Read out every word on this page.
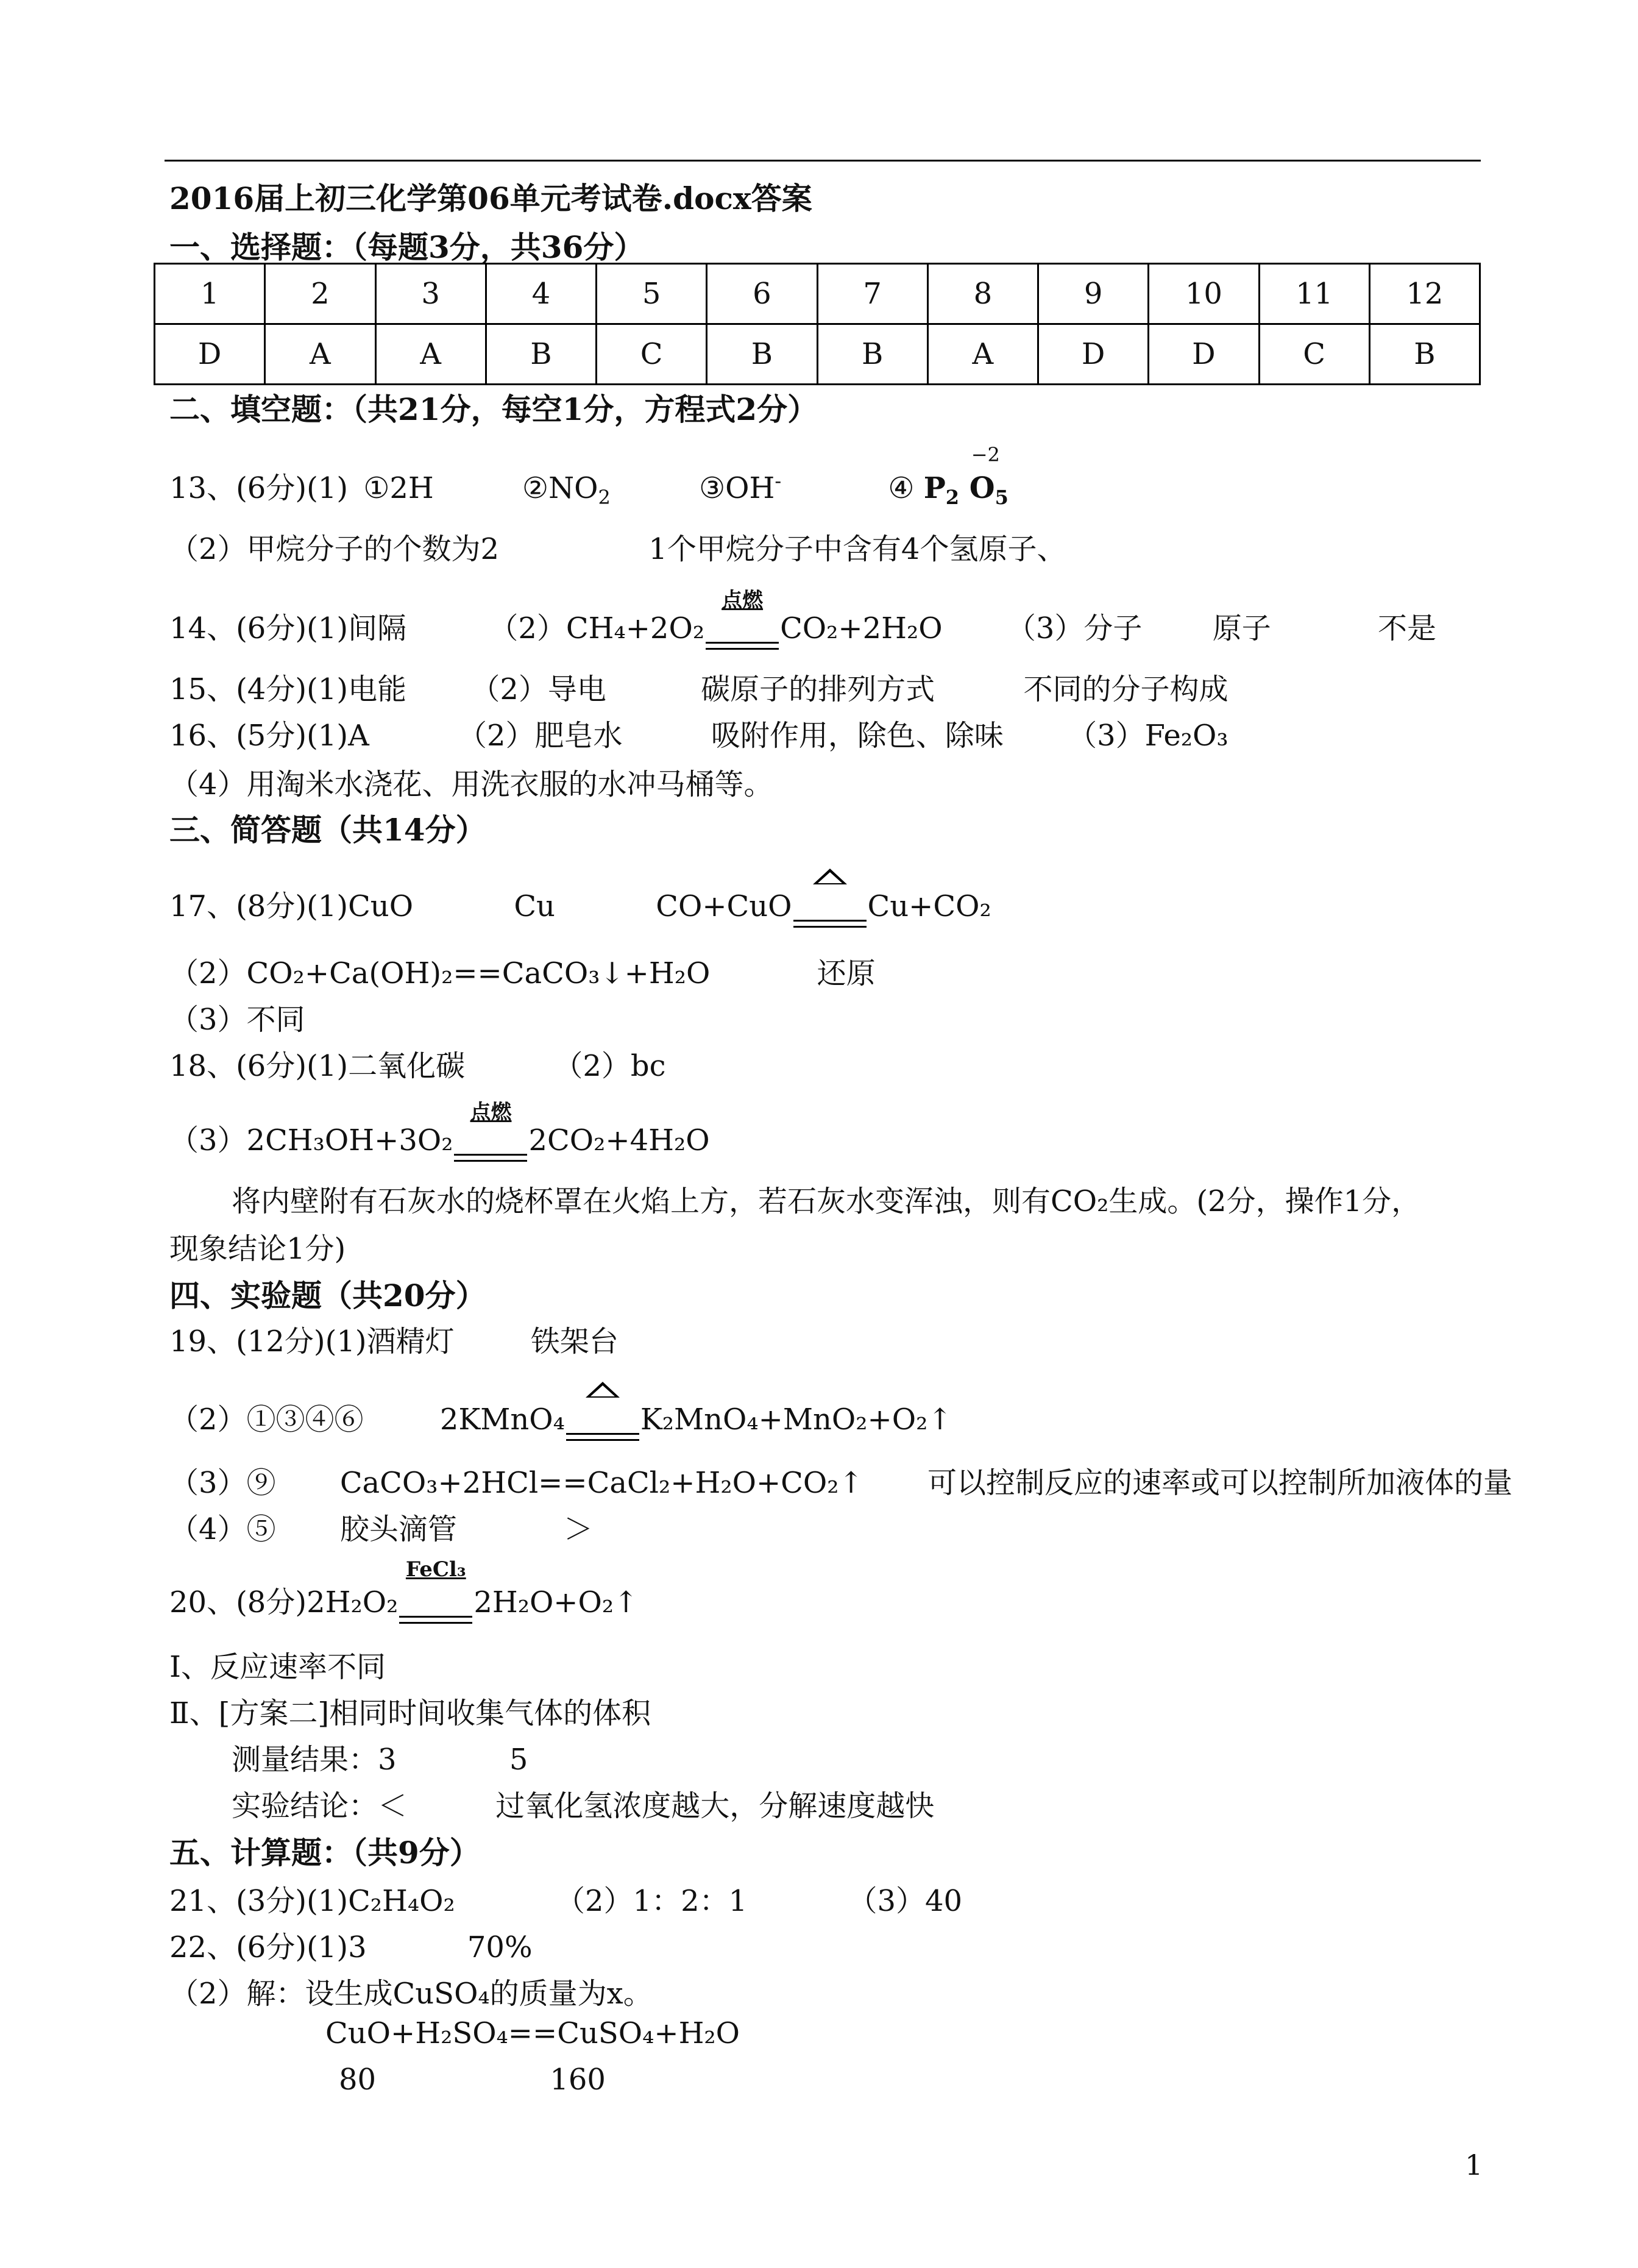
2016届上初三化学第06单元考试卷.docx答案
一、选择题：（每题3分，共36分）
1	2	3	4	5	6	7	8	9	10	11	12
D	A	A	B	C	B	B	A	D	D	C	B
二、填空题：（共21分，每空1分，方程式2分）
13、(6分)(1) ①2H	$②NO_2$	③OH-	④ $P_2$ $O_5$
−2
（2）甲烷分子的个数为2	1个甲烷分子中含有4个氢原子、
14、(6分)(1)间隔	（2）CH₄+2O₂
点燃
CO₂+2H₂O （3）分子 原子	不是
15、(4分)(1)电能 （2）导电	碳原子的排列方式	不同的分子构成
16、(5分)(1)A	（2）肥皂水	吸附作用，除色、除味 （3）Fe₂O₃
（4）用淘米水浇花、用洗衣服的水冲马桶等。
三、简答题（共14分）
17、(8分)(1)CuO	Cu	CO+CuO	Cu+CO₂
（2）CO₂+Ca(OH)₂==CaCO₃↓+H₂O	还原
（3）不同
18、(6分)(1)二氧化碳	（2）bc
（3）2CH₃OH+3O₂
点燃
2CO₂+4H₂O
将内壁附有石灰水的烧杯罩在火焰上方，若石灰水变浑浊，则有CO₂生成。(2分，操作1分，
现象结论1分)
四、实验题（共20分）
19、(12分)(1)酒精灯	铁架台
（2）①③④⑥	2KMnO₄	K₂MnO₄+MnO₂+O₂↑
（3）⑨ CaCO₃+2HCl==CaCl₂+H₂O+CO₂↑ 可以控制反应的速率或可以控制所加液体的量
（4）⑤ 胶头滴管	＞
20、(8分)2H₂O₂
FeCl₃
2H₂O+O₂↑
Ⅰ、反应速率不同
Ⅱ、[方案二]相同时间收集气体的体积
测量结果：3	5
实验结论：＜	过氧化氢浓度越大，分解速度越快
五、计算题：（共9分）
21、(3分)(1)C₂H₄O₂	（2）1：2：1	（3）40
22、(6分)(1)3	70%
（2）解：设生成CuSO₄的质量为x。
CuO+H₂SO₄==CuSO₄+H₂O
80	160
1
